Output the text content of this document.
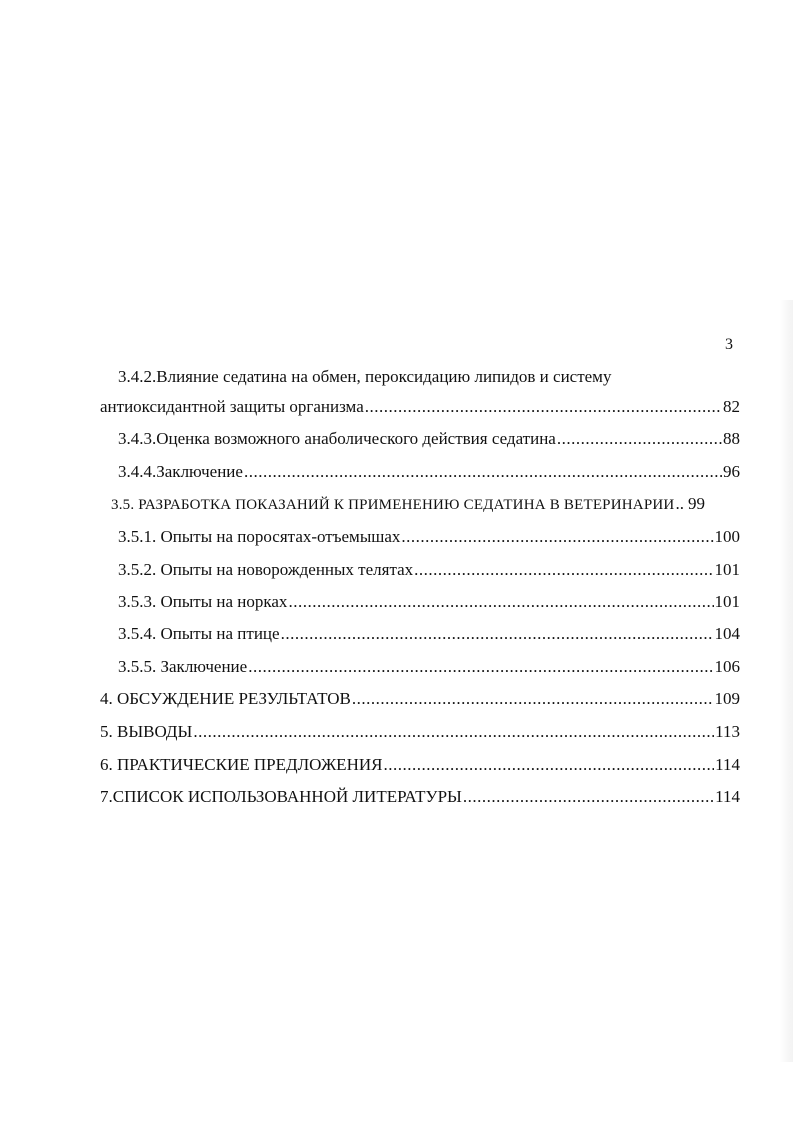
3
3.4.2.Влияние седатина на обмен, пероксидацию липидов и систему
антиоксидантной защиты организма .....	82
3.4.3.Оценка возможного анаболического действия седатина .....	88
3.4.4.Заключение .....	96
3.5. РАЗРАБОТКА ПОКАЗАНИЙ К ПРИМЕНЕНИЮ СЕДАТИНА В ВЕТЕРИНАРИИ .. 99
3.5.1. Опыты на поросятах-отъемышах .....	100
3.5.2. Опыты на новорожденных телятах .....	101
3.5.3. Опыты на норках .....	101
3.5.4. Опыты на птице .....	104
3.5.5. Заключение .....	106
4. ОБСУЖДЕНИЕ РЕЗУЛЬТАТОВ .....	109
5. ВЫВОДЫ .....	113
6. ПРАКТИЧЕСКИЕ ПРЕДЛОЖЕНИЯ .....	114
7.СПИСОК ИСПОЛЬЗОВАННОЙ ЛИТЕРАТУРЫ .....	114
